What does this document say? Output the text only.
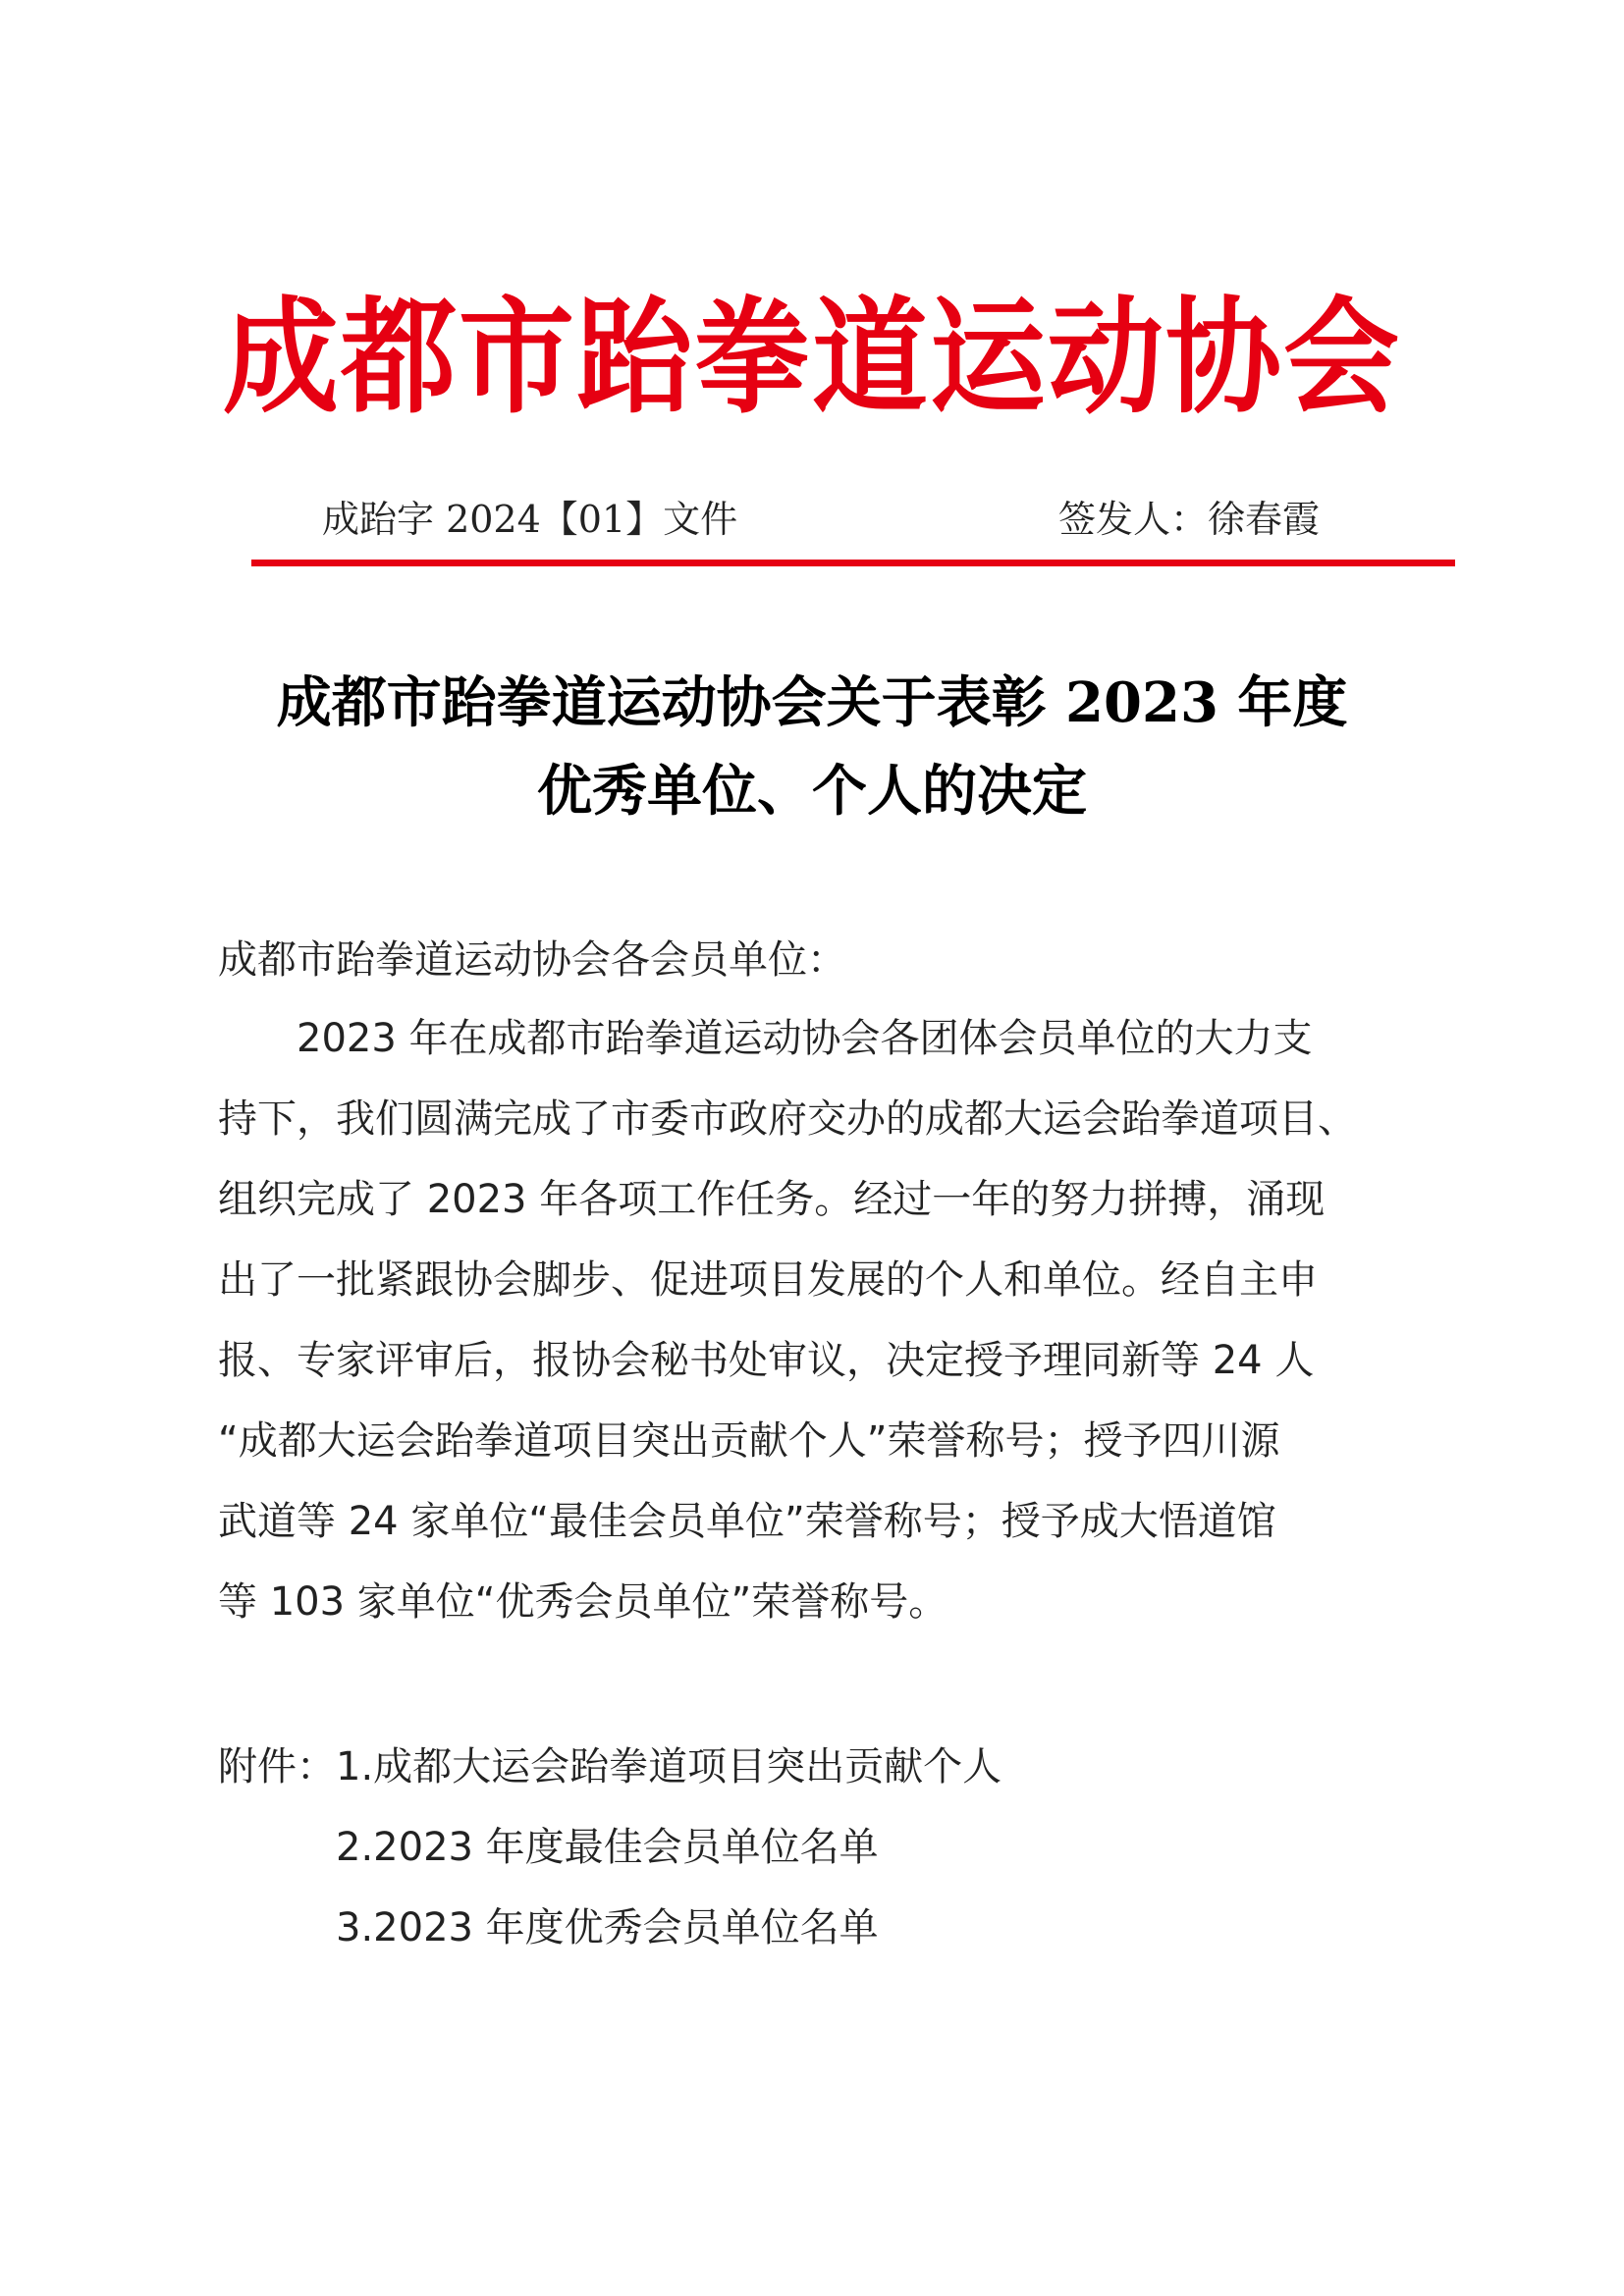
成都市跆拳道运动协会
成跆字 2024【01】文件	签发人：徐春霞
成都市跆拳道运动协会关于表彰 2023 年度
优秀单位、个人的决定
成都市跆拳道运动协会各会员单位：
2023 年在成都市跆拳道运动协会各团体会员单位的大力支
持下，我们圆满完成了市委市政府交办的成都大运会跆拳道项目、
组织完成了 2023 年各项工作任务。经过一年的努力拼搏，涌现
出了一批紧跟协会脚步、促进项目发展的个人和单位。经自主申
报、专家评审后，报协会秘书处审议，决定授予理同新等 24 人
“成都大运会跆拳道项目突出贡献个人”荣誉称号；授予四川源
武道等 24 家单位“最佳会员单位”荣誉称号；授予成大悟道馆
等 103 家单位“优秀会员单位”荣誉称号。
附件： 1.成都大运会跆拳道项目突出贡献个人
2.2023 年度最佳会员单位名单
3.2023 年度优秀会员单位名单
